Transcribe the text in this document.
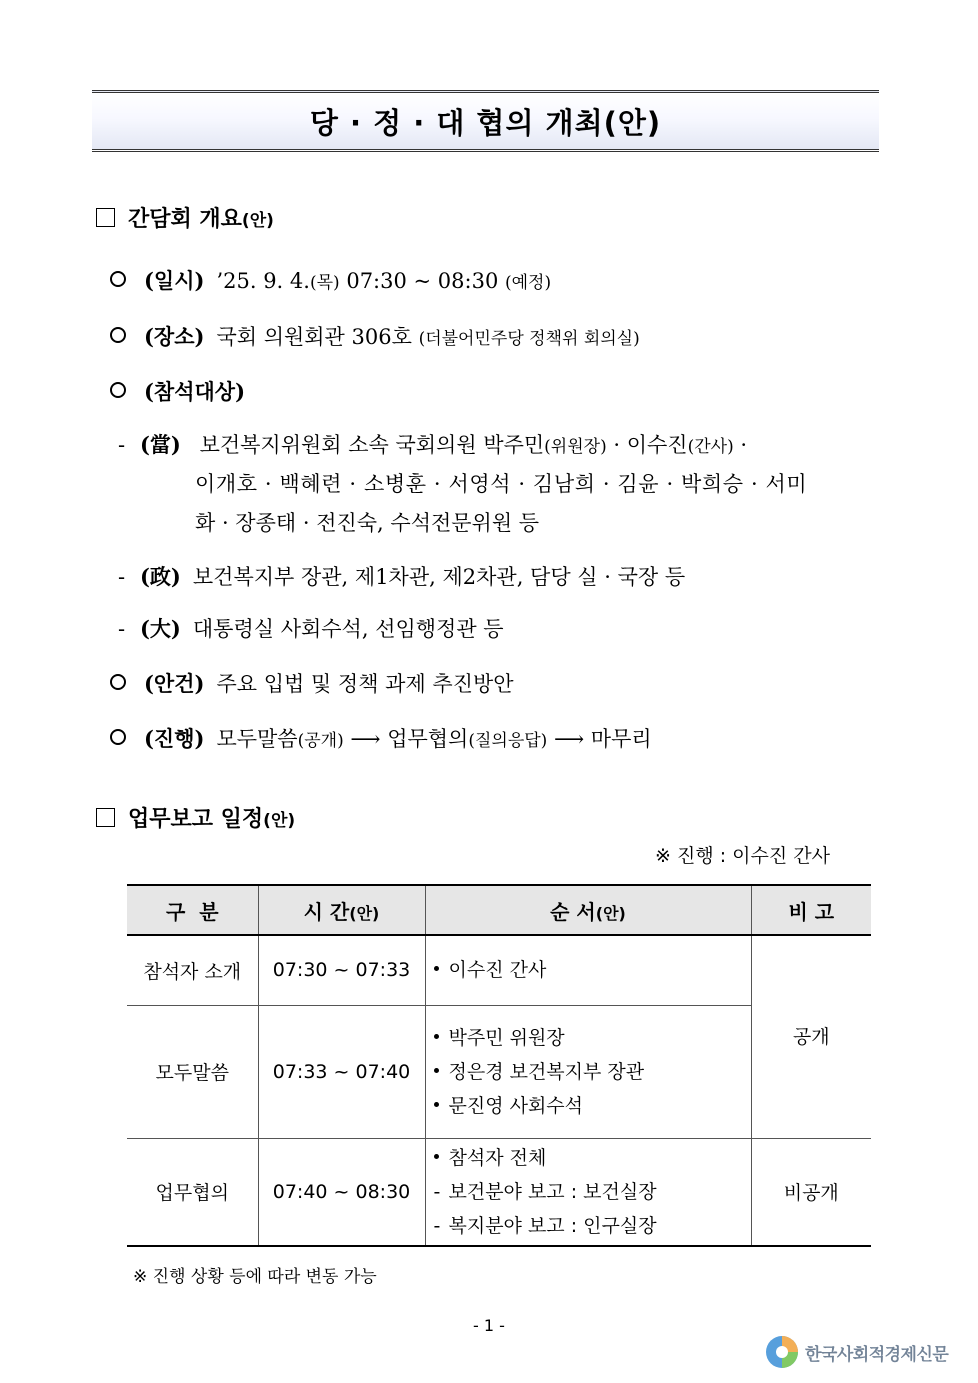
당 · 정 · 대 협의 개최(안)
간담회 개요(안)
(일시) ’25. 9. 4.(목) 07:30 ~ 08:30 (예정)
(장소) 국회 의원회관 306호 (더불어민주당 정책위 회의실)
(참석대상)
- (當) 보건복지위원회 소속 국회의원 박주민(위원장) · 이수진(간사) ·
이개호 · 백혜련 · 소병훈 · 서영석 · 김남희 · 김윤 · 박희승 · 서미
화 · 장종태 · 전진숙, 수석전문위원 등
- (政) 보건복지부 장관, 제1차관, 제2차관, 담당 실 · 국장 등
- (大) 대통령실 사회수석, 선임행정관 등
(안건) 주요 입법 및 정책 과제 추진방안
(진행) 모두말씀(공개) ⟶ 업무협의(질의응답) ⟶ 마무리
업무보고 일정(안)
※ 진행 : 이수진 간사
구  분	시 간(안)	순 서(안)	비 고
참석자 소개	07:30 ~ 07:33	이수진 간사	공개
모두말씀	07:33 ~ 07:40	박주민 위원장
정은경 보건복지부 장관
문진영 사회수석	

업무협의	07:40 ~ 08:30	참석자 전체
- 보건분야 보고 : 보건실장
- 복지분야 보고 : 인구실장	비공개
※ 진행 상황 등에 따라 변동 가능
- 1 -
한국사회적경제신문
